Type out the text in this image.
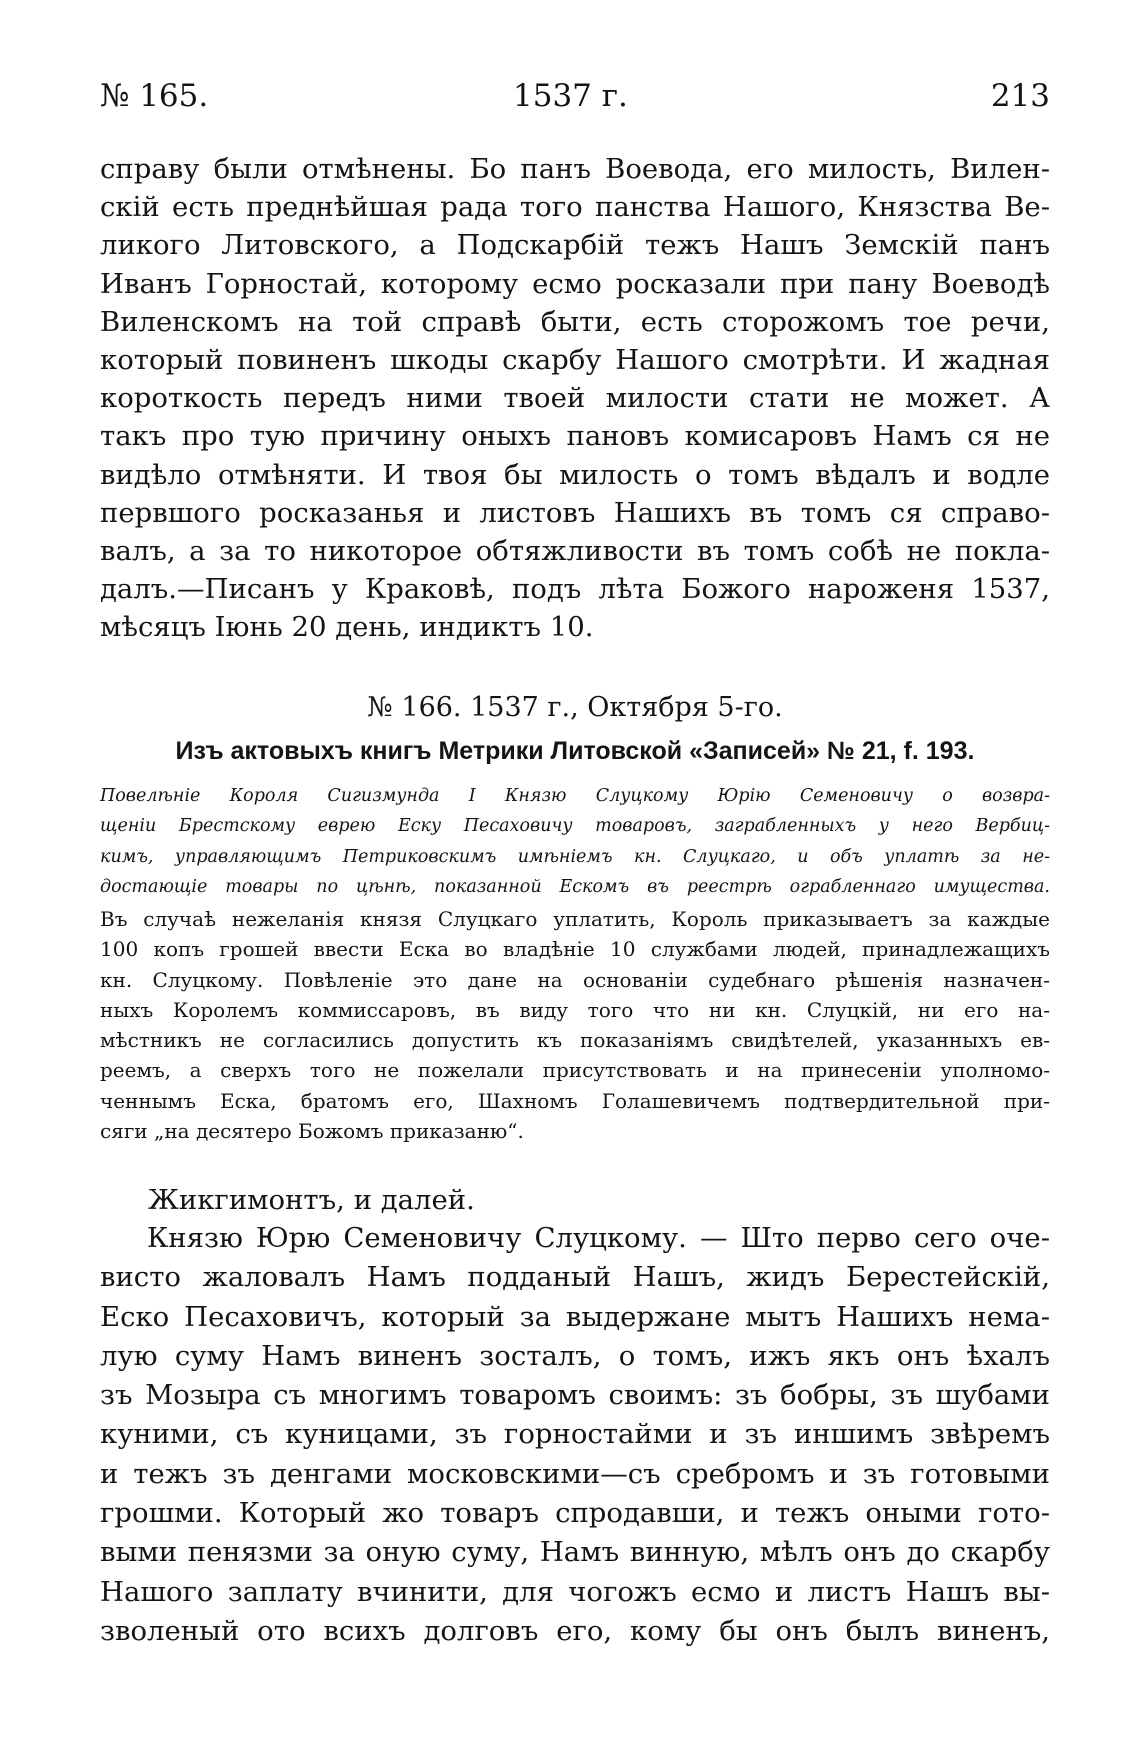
№ 165.	1537 г.	213
справу были отмѣнены. Бо панъ Воевода, его милость, Вилен-
скій есть преднѣйшая рада того панства Нашого, Князства Ве-
ликого Литовского, а Подскарбій тежъ Нашъ Земскій панъ
Иванъ Горностай, которому есмо росказали при пану Воеводѣ
Виленскомъ на той справѣ быти, есть сторожомъ тое речи,
который повиненъ шкоды скарбу Нашого смотрѣти. И жадная
короткость передъ ними твоей милости стати не может. А
такъ про тую причину оныхъ пановъ комисаровъ Намъ ся не
видѣло отмѣняти. И твоя бы милость о томъ вѣдалъ и водле
первшого росказанья и листовъ Нашихъ въ томъ ся справо-
валъ, а за то никоторое обтяжливости въ томъ собѣ не покла-
далъ.—Писанъ у Краковѣ, подъ лѣта Божого нароженя 1537,
мѣсяцъ Іюнь 20 день, индиктъ 10.
№ 166. 1537 г., Октября 5-го.
Изъ актовыхъ книгъ Метрики Литовской «Записей» № 21, f. 193.
Повелѣніе Короля Сигизмунда I Князю Слуцкому Юрію Семеновичу о возвра-
щеніи Брестскому еврею Еску Песаховичу товаровъ, заграбленныхъ у него Вербиц-
кимъ, управляющимъ Петриковскимъ имѣніемъ кн. Слуцкаго, и объ уплатѣ за не-
достающіе товары по цѣнѣ, показанной Ескомъ въ реестрѣ ограбленнаго имущества.
Въ случаѣ нежеланія князя Слуцкаго уплатить, Король приказываетъ за каждые
100 копъ грошей ввести Еска во владѣніе 10 службами людей, принадлежащихъ
кн. Слуцкому. Повѣленіе это дане на основаніи судебнаго рѣшенія назначен-
ныхъ Королемъ коммиссаровъ, въ виду того что ни кн. Слуцкій, ни его на-
мѣстникъ не согласились допустить къ показаніямъ свидѣтелей, указанныхъ ев-
реемъ, а сверхъ того не пожелали присутствовать и на принесеніи уполномо-
ченнымъ Еска, братомъ его, Шахномъ Голашевичемъ подтвердительной при-
сяги „на десятеро Божомъ приказаню“.
Жикгимонтъ, и далей.
Князю Юрю Семеновичу Слуцкому. — Што перво сего оче-
висто жаловалъ Намъ подданый Нашъ, жидъ Берестейскій,
Еско Песаховичъ, который за выдержане мытъ Нашихъ нема-
лую суму Намъ виненъ зосталъ, о томъ, ижъ якъ онъ ѣхалъ
зъ Мозыра съ многимъ товаромъ своимъ: зъ бобры, зъ шубами
куними, съ куницами, зъ горностайми и зъ иншимъ звѣремъ
и тежъ зъ денгами московскими—съ сребромъ и зъ готовыми
грошми. Который жо товаръ спродавши, и тежъ оными гото-
выми пенязми за оную суму, Намъ винную, мѣлъ онъ до скарбу
Нашого заплату вчинити, для чогожъ есмо и листъ Нашъ вы-
зволеный ото всихъ долговъ его, кому бы онъ былъ виненъ,
